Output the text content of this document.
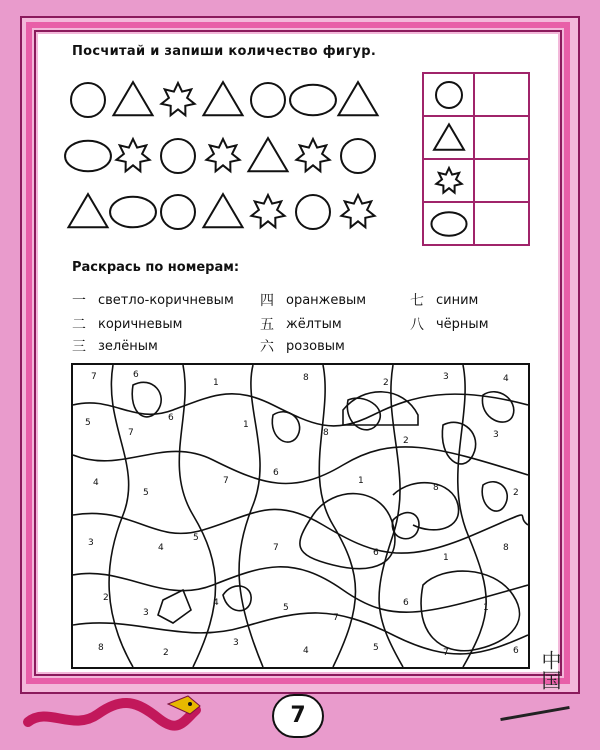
Посчитай и запиши количество фигур.
Раскрась по номерам:
一 светло-коричневым
二 коричневым
三 зелёным
四 оранжевым
五 жёлтым
六 розовым
七 синим
八 чёрным
7	6
1	8	2
3	4
5
7
6
1
8
2
3
4
5
7
6
1
8	2
3	4
5
7	6	1
8
2
3
4	5
7
6	1
8	2
3
4	5	7	6
7
中国
